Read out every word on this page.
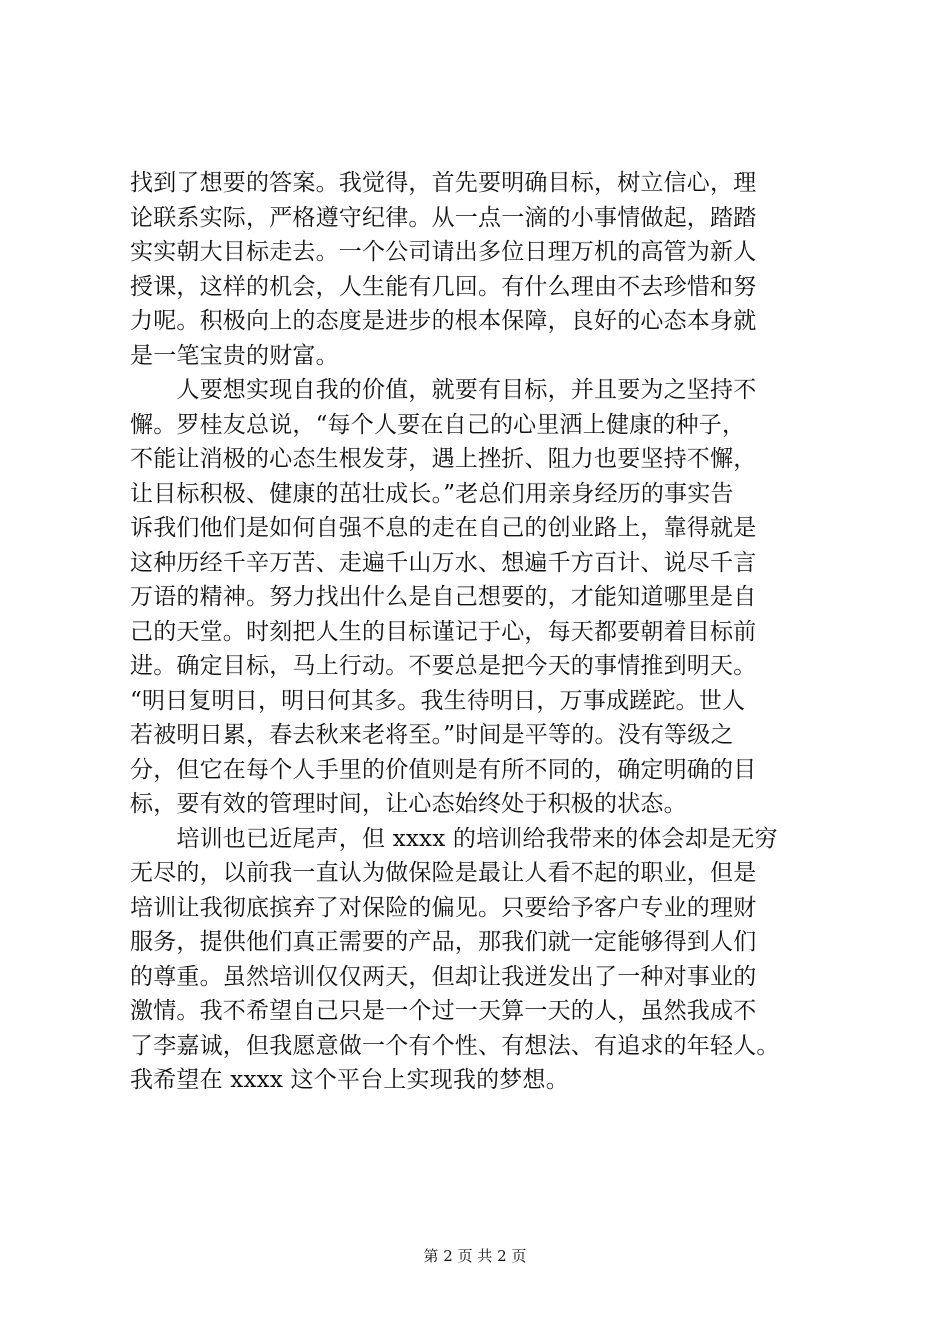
找到了想要的答案。我觉得，首先要明确目标，树立信心，理
论联系实际，严格遵守纪律。从一点一滴的小事情做起，踏踏
实实朝大目标走去。一个公司请出多位日理万机的高管为新人
授课，这样的机会，人生能有几回。有什么理由不去珍惜和努
力呢。积极向上的态度是进步的根本保障，良好的心态本身就
是一笔宝贵的财富。
　　人要想实现自我的价值，就要有目标，并且要为之坚持不
懈。罗桂友总说，“每个人要在自己的心里洒上健康的种子，
不能让消极的心态生根发芽，遇上挫折、阻力也要坚持不懈，
让目标积极、健康的茁壮成长。”老总们用亲身经历的事实告
诉我们他们是如何自强不息的走在自己的创业路上，靠得就是
这种历经千辛万苦、走遍千山万水、想遍千方百计、说尽千言
万语的精神。努力找出什么是自己想要的，才能知道哪里是自
己的天堂。时刻把人生的目标谨记于心，每天都要朝着目标前
进。确定目标，马上行动。不要总是把今天的事情推到明天。
“明日复明日，明日何其多。我生待明日，万事成蹉跎。世人
若被明日累，春去秋来老将至。”时间是平等的。没有等级之
分，但它在每个人手里的价值则是有所不同的，确定明确的目
标，要有效的管理时间，让心态始终处于积极的状态。
　　培训也已近尾声，但 xxxx 的培训给我带来的体会却是无穷
无尽的，以前我一直认为做保险是最让人看不起的职业，但是
培训让我彻底摈弃了对保险的偏见。只要给予客户专业的理财
服务，提供他们真正需要的产品，那我们就一定能够得到人们
的尊重。虽然培训仅仅两天，但却让我迸发出了一种对事业的
激情。我不希望自己只是一个过一天算一天的人，虽然我成不
了李嘉诚，但我愿意做一个有个性、有想法、有追求的年轻人。
我希望在 xxxx 这个平台上实现我的梦想。
第 2 页 共 2 页
